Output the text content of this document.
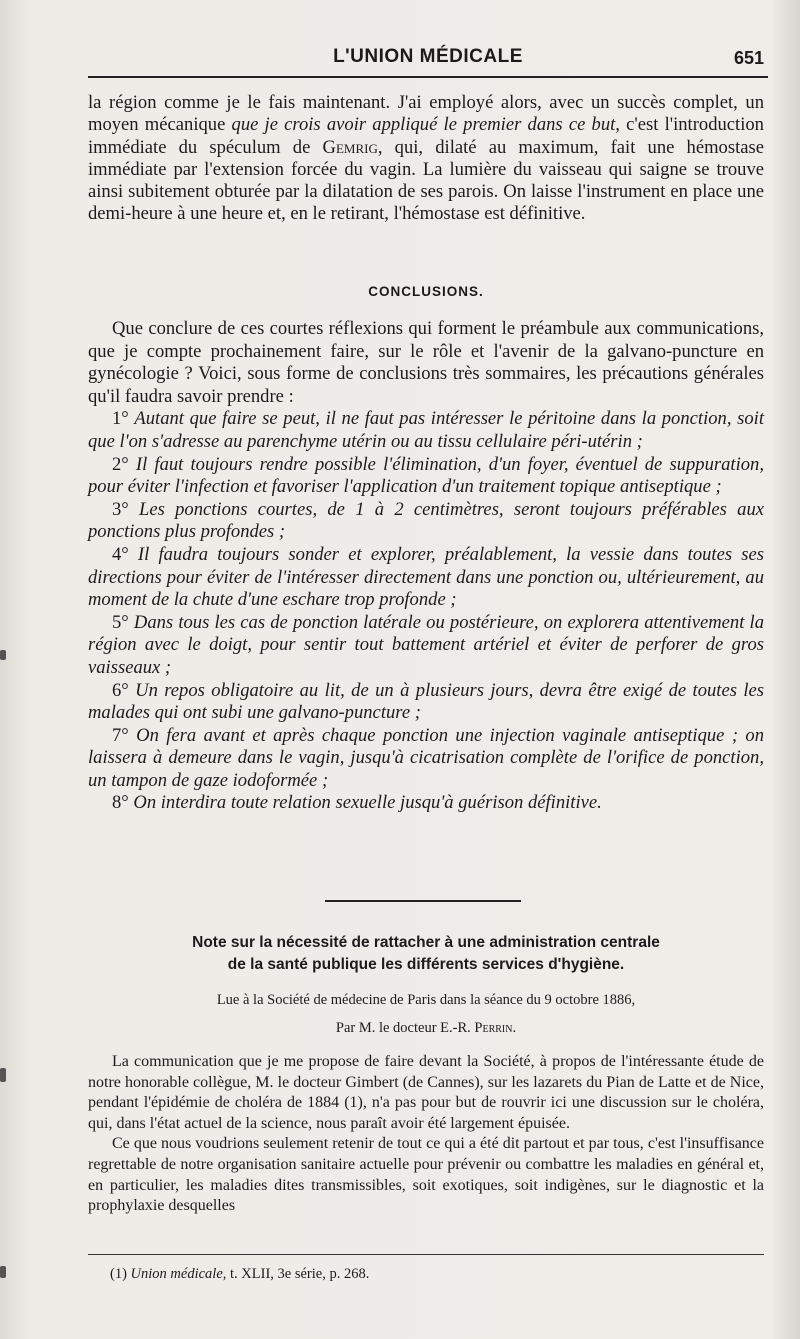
L'UNION MÉDICALE	651

la région comme je le fais maintenant. J'ai employé alors, avec un succès complet, un moyen mécanique que je crois avoir appliqué le premier dans ce but, c'est l'introduction immédiate du spéculum de Gemrig, qui, dilaté au maximum, fait une hémostase immédiate par l'extension forcée du vagin. La lumière du vaisseau qui saigne se trouve ainsi subitement obturée par la dilatation de ses parois. On laisse l'instrument en place une demi-heure à une heure et, en le retirant, l'hémostase est définitive.

CONCLUSIONS.

Que conclure de ces courtes réflexions qui forment le préambule aux communications, que je compte prochainement faire, sur le rôle et l'avenir de la galvano-puncture en gynécologie ? Voici, sous forme de conclusions très sommaires, les précautions générales qu'il faudra savoir prendre :

1° Autant que faire se peut, il ne faut pas intéresser le péritoine dans la ponction, soit que l'on s'adresse au parenchyme utérin ou au tissu cellulaire péri-utérin ;

2° Il faut toujours rendre possible l'élimination, d'un foyer, éventuel de suppuration, pour éviter l'infection et favoriser l'application d'un traitement topique antiseptique ;

3° Les ponctions courtes, de 1 à 2 centimètres, seront toujours préférables aux ponctions plus profondes ;

4° Il faudra toujours sonder et explorer, préalablement, la vessie dans toutes ses directions pour éviter de l'intéresser directement dans une ponction ou, ultérieurement, au moment de la chute d'une eschare trop profonde ;

5° Dans tous les cas de ponction latérale ou postérieure, on explorera attentivement la région avec le doigt, pour sentir tout battement artériel et éviter de perforer de gros vaisseaux ;

6° Un repos obligatoire au lit, de un à plusieurs jours, devra être exigé de toutes les malades qui ont subi une galvano-puncture ;

7° On fera avant et après chaque ponction une injection vaginale antiseptique ; on laissera à demeure dans le vagin, jusqu'à cicatrisation complète de l'orifice de ponction, un tampon de gaze iodoformée ;

8° On interdira toute relation sexuelle jusqu'à guérison définitive.

Note sur la nécessité de rattacher à une administration centrale
de la santé publique les différents services d'hygiène.
Lue à la Société de médecine de Paris dans la séance du 9 octobre 1886,
Par M. le docteur E.-R. Perrin.

La communication que je me propose de faire devant la Société, à propos de l'intéressante étude de notre honorable collègue, M. le docteur Gimbert (de Cannes), sur les lazarets du Pian de Latte et de Nice, pendant l'épidémie de choléra de 1884 (1), n'a pas pour but de rouvrir ici une discussion sur le choléra, qui, dans l'état actuel de la science, nous paraît avoir été largement épuisée.

Ce que nous voudrions seulement retenir de tout ce qui a été dit partout et par tous, c'est l'insuffisance regrettable de notre organisation sanitaire actuelle pour prévenir ou combattre les maladies en général et, en particulier, les maladies dites transmissibles, soit exotiques, soit indigènes, sur le diagnostic et la prophylaxie desquelles

(1) Union médicale, t. XLII, 3e série, p. 268.
